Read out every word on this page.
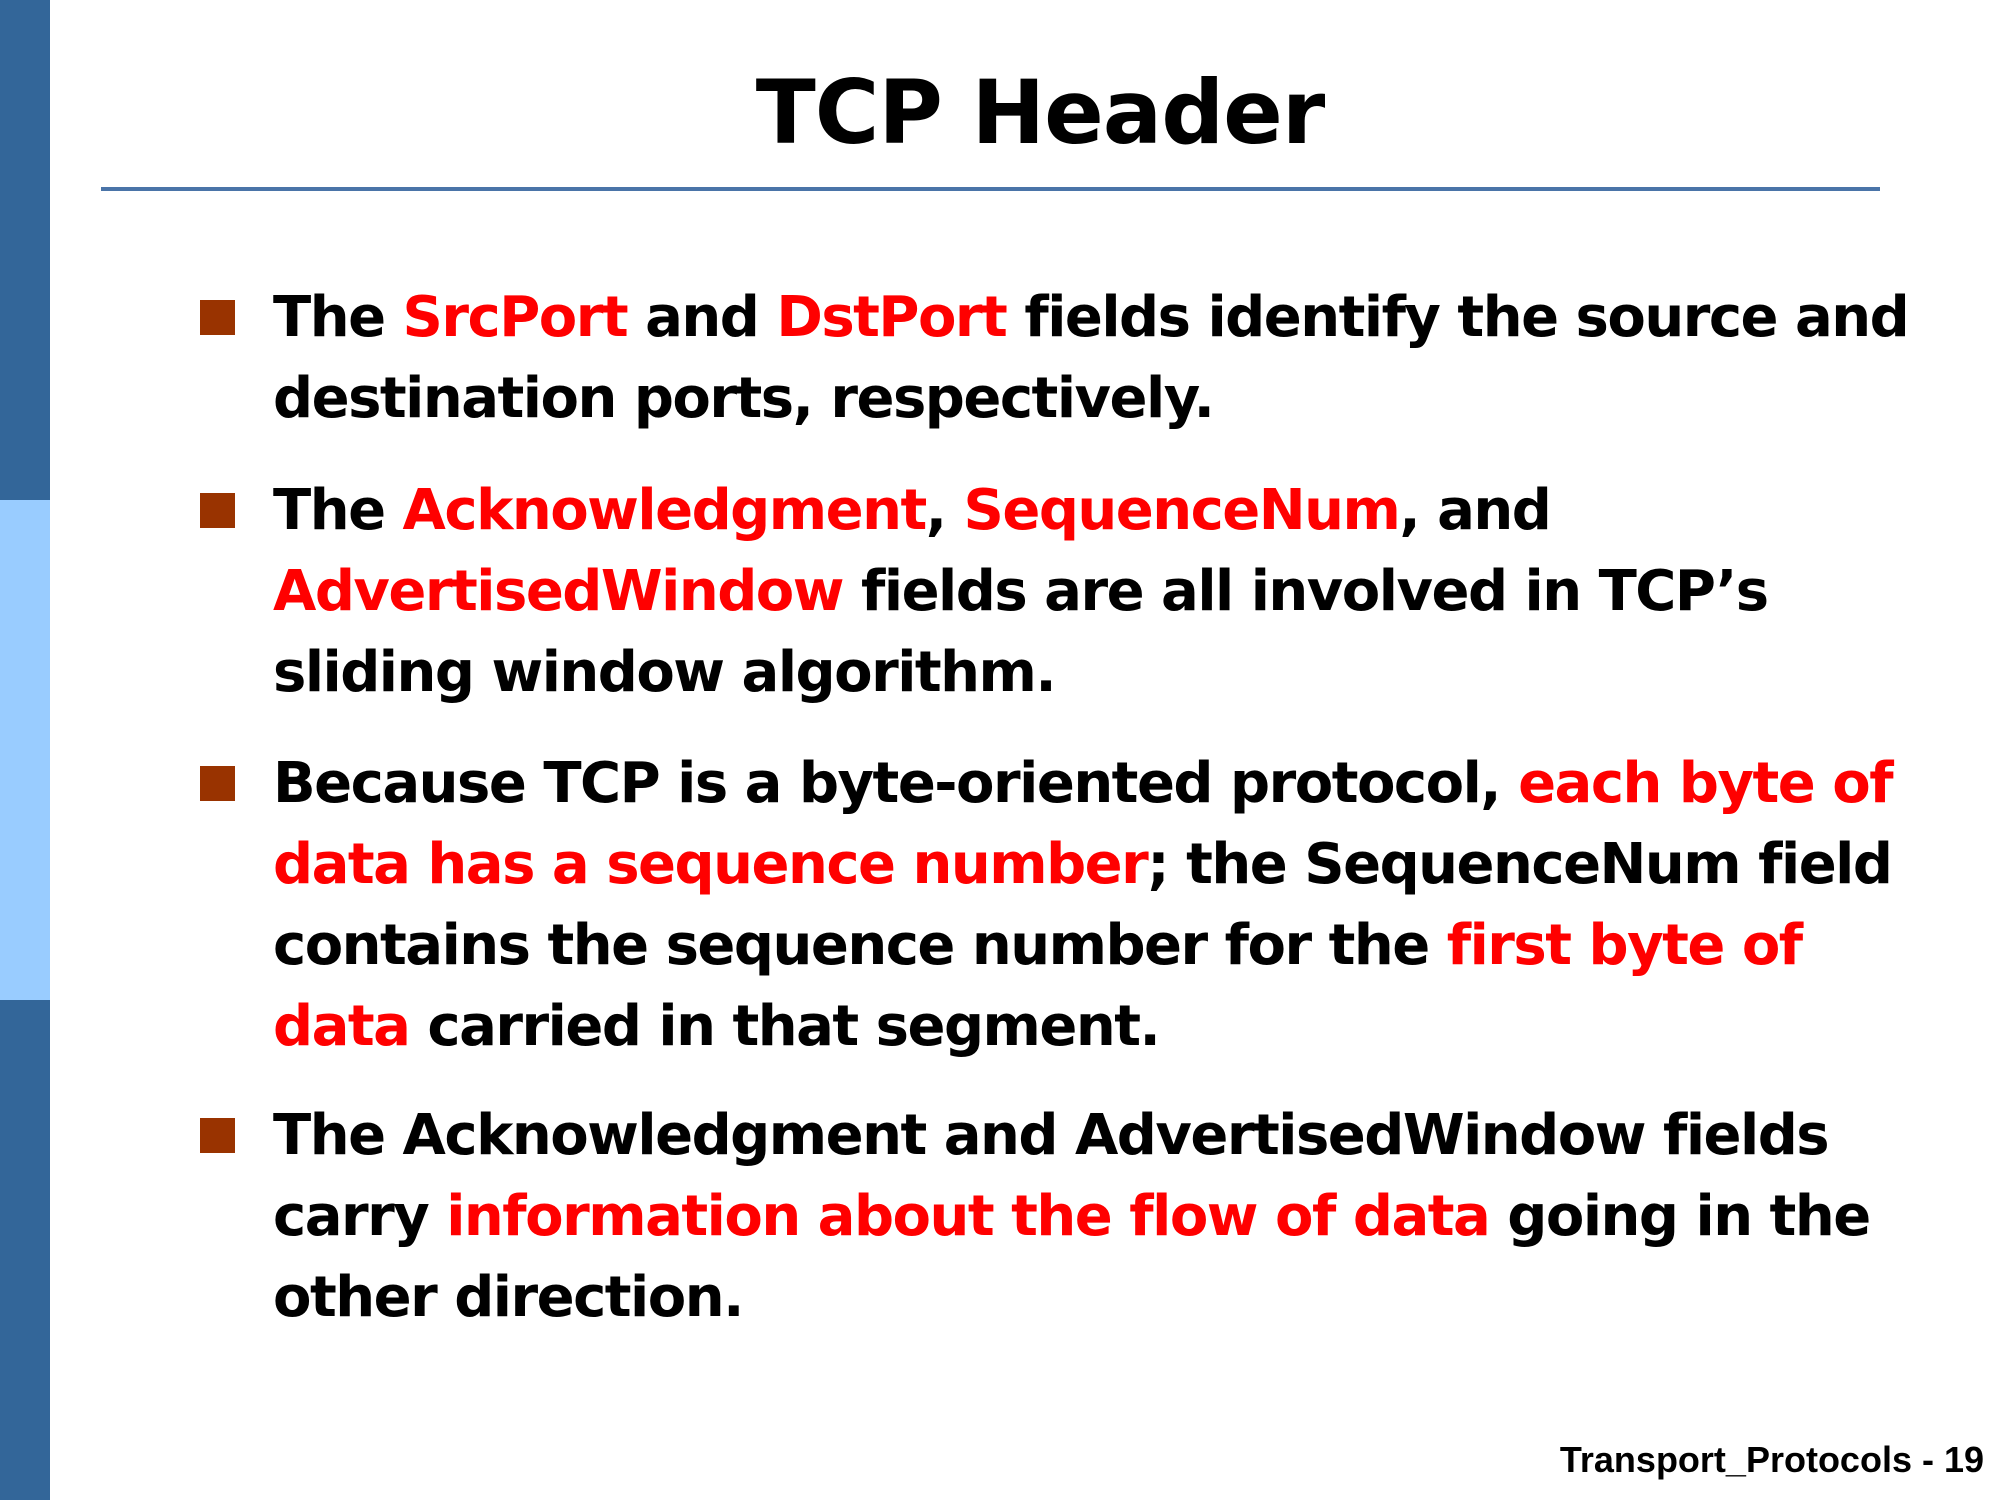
TCP Header

The SrcPort and DstPort fields identify the source and destination ports, respectively.

The Acknowledgment, SequenceNum, and AdvertisedWindow fields are all involved in TCP’s sliding window algorithm.

Because TCP is a byte-oriented protocol, each byte of data has a sequence number; the SequenceNum field contains the sequence number for the first byte of data carried in that segment.

The Acknowledgment and AdvertisedWindow fields carry information about the flow of data going in the other direction.

Transport_Protocols - 19
